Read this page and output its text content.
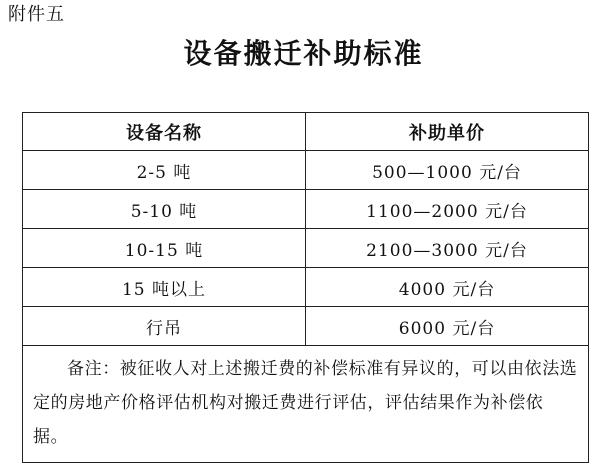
附件五
设备搬迁补助标准
设备名称	补助单价
2-5 吨	500—1000 元/台
5-10 吨	1100—2000 元/台
10-15 吨	2100—3000 元/台
15 吨以上	4000 元/台
行吊	6000 元/台

备注：被征收人对上述搬迁费的补偿标准有异议的，可以由依法选定的房地产价格评估机构对搬迁费进行评估，评估结果作为补偿依据。	
